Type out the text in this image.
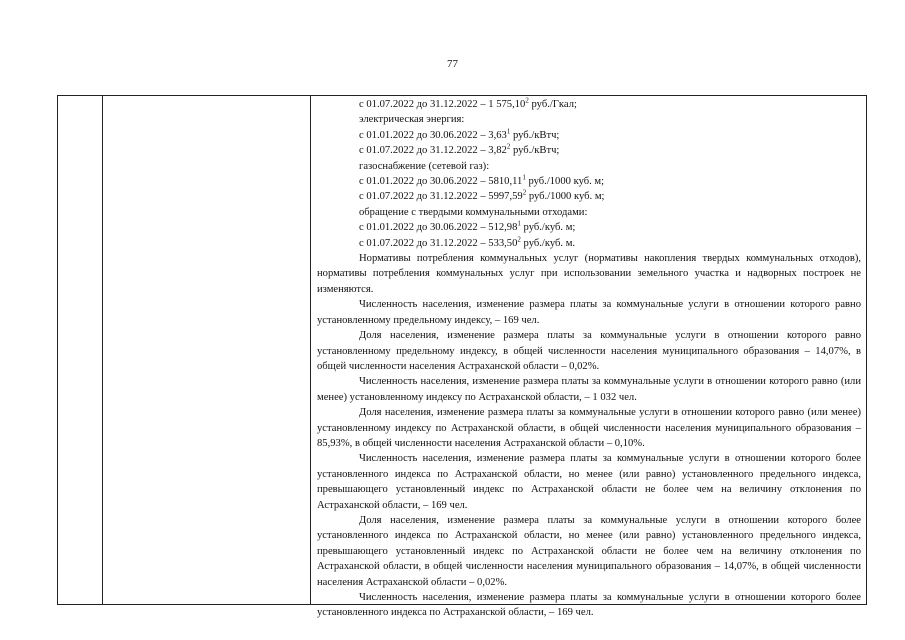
77
с 01.07.2022 до 31.12.2022 – 1 575,10$^2$ руб./Гкал;
электрическая энергия:
с 01.01.2022 до 30.06.2022 – 3,63$^1$ руб./кВтч;
с 01.07.2022 до 31.12.2022 – 3,82$^2$ руб./кВтч;
газоснабжение (сетевой газ):
с 01.01.2022 до 30.06.2022 – 5810,11$^1$ руб./1000 куб. м;
с 01.07.2022 до 31.12.2022 – 5997,59$^2$ руб./1000 куб. м;
обращение с твердыми коммунальными отходами:
с 01.01.2022 до 30.06.2022 – 512,98$^1$ руб./куб. м;
с 01.07.2022 до 31.12.2022 – 533,50$^2$ руб./куб. м.

Нормативы потребления коммунальных услуг (нормативы накопления твердых коммунальных отходов), нормативы потребления коммунальных услуг при использовании земельного участка и надворных построек не изменяются.

Численность населения, изменение размера платы за коммунальные услуги в отношении которого равно установленному предельному индексу, – 169 чел.

Доля населения, изменение размера платы за коммунальные услуги в отношении которого равно установленному предельному индексу, в общей численности населения муниципального образования – 14,07%, в общей численности населения Астраханской области – 0,02%.

Численность населения, изменение размера платы за коммунальные услуги в отношении которого равно (или менее) установленному индексу по Астраханской области, – 1 032 чел.

Доля населения, изменение размера платы за коммунальные услуги в отношении которого равно (или менее) установленному индексу по Астраханской области, в общей численности населения муниципального образования – 85,93%, в общей численности населения Астраханской области – 0,10%.

Численность населения, изменение размера платы за коммунальные услуги в отношении которого более установленного индекса по Астраханской области, но менее (или равно) установленного предельного индекса, превышающего установленный индекс по Астраханской области не более чем на величину отклонения по Астраханской области, – 169 чел.

Доля населения, изменение размера платы за коммунальные услуги в отношении которого более установленного индекса по Астраханской области, но менее (или равно) установленного предельного индекса, превышающего установленный индекс по Астраханской области не более чем на величину отклонения по Астраханской области, в общей численности населения муниципального образования – 14,07%, в общей численности населения Астраханской области – 0,02%.

Численность населения, изменение размера платы за коммунальные услуги в отношении которого более установленного индекса по Астраханской области, – 169 чел.
